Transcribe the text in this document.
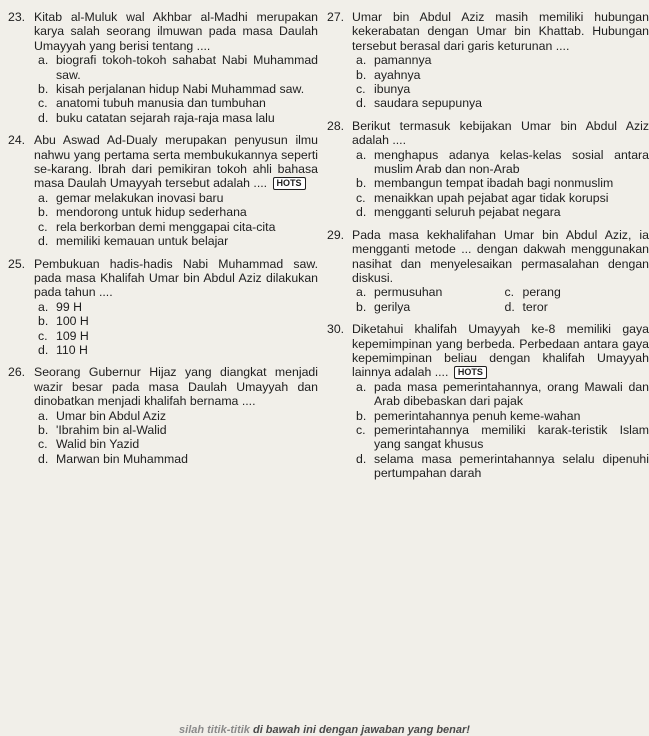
23. Kitab al-Muluk wal Akhbar al-Madhi merupakan karya salah seorang ilmuwan pada masa Daulah Umayyah yang berisi tentang ....

a. biografi tokoh-tokoh sahabat Nabi Muhammad saw.
b. kisah perjalanan hidup Nabi Muhammad saw.
c. anatomi tubuh manusia dan tumbuhan
d. buku catatan sejarah raja-raja masa lalu
24. Abu Aswad Ad-Dualy merupakan penyusun ilmu nahwu yang pertama serta membukukannya seperti se-karang. Ibrah dari pemikiran tokoh ahli bahasa masa Daulah Umayyah tersebut adalah .... HOTS

a. gemar melakukan inovasi baru
b. mendorong untuk hidup sederhana
c. rela berkorban demi menggapai cita-cita
d. memiliki kemauan untuk belajar
25. Pembukuan hadis-hadis Nabi Muhammad saw. pada masa Khalifah Umar bin Abdul Aziz dilakukan pada tahun ....

a. 99 H
b. 100 H
c. 109 H
d. 110 H
26. Seorang Gubernur Hijaz yang diangkat menjadi wazir besar pada masa Daulah Umayyah dan dinobatkan menjadi khalifah bernama ....

a. Umar bin Abdul Aziz
b. 'Ibrahim bin al-Walid
c. Walid bin Yazid
d. Marwan bin Muhammad
27. Umar bin Abdul Aziz masih memiliki hubungan kekerabatan dengan Umar bin Khattab. Hubungan tersebut berasal dari garis keturunan ....

a. pamannya
b. ayahnya
c. ibunya
d. saudara sepupunya
28. Berikut termasuk kebijakan Umar bin Abdul Aziz adalah ....

a. menghapus adanya kelas-kelas sosial antara muslim Arab dan non-Arab
b. membangun tempat ibadah bagi nonmuslim
c. menaikkan upah pejabat agar tidak korupsi
d. mengganti seluruh pejabat negara
29. Pada masa kekhalifahan Umar bin Abdul Aziz, ia mengganti metode ... dengan dakwah menggunakan nasihat dan menyelesaikan permasalahan dengan diskusi.

a. permusuhan	c. perang
b. gerilya	d. teror
30. Diketahui khalifah Umayyah ke-8 memiliki gaya kepemimpinan yang berbeda. Perbedaan antara gaya kepemimpinan beliau dengan khalifah Umayyah lainnya adalah .... HOTS

a. pada masa pemerintahannya, orang Mawali dan Arab dibebaskan dari pajak
b. pemerintahannya penuh keme-wahan
c. pemerintahannya memiliki karak-teristik Islam yang sangat khusus
d. selama masa pemerintahannya selalu dipenuhi pertumpahan darah
silah titik-titik di bawah ini dengan jawaban yang benar!
